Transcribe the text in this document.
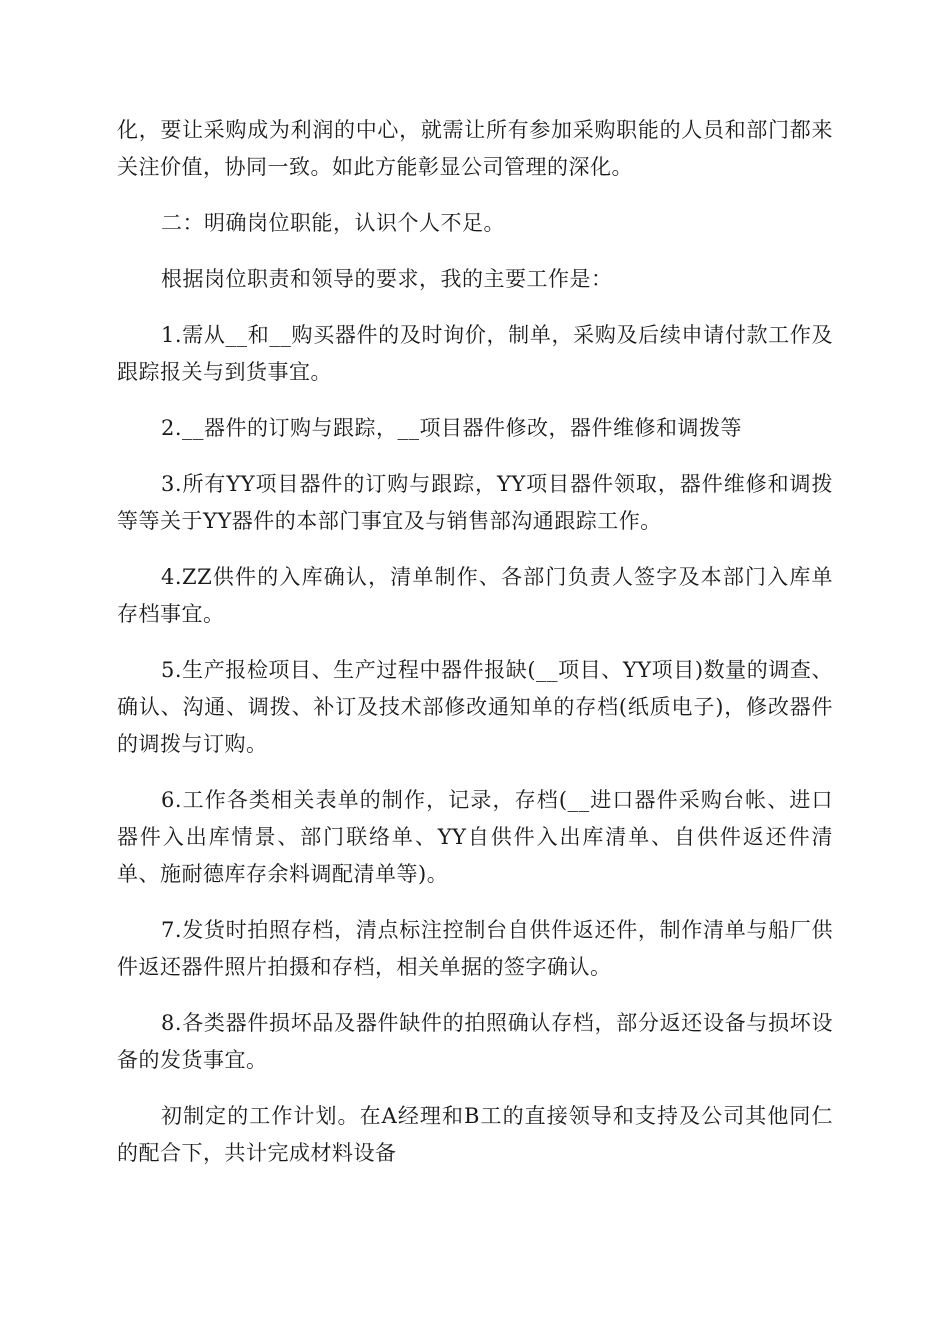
化，要让采购成为利润的中心，就需让所有参加采购职能的人员和部门都来关注价值，协同一致。如此方能彰显公司管理的深化。

二：明确岗位职能，认识个人不足。

根据岗位职责和领导的要求，我的主要工作是：

1.需从__和__购买器件的及时询价，制单，采购及后续申请付款工作及跟踪报关与到货事宜。

2.__器件的订购与跟踪，__项目器件修改，器件维修和调拨等

3.所有YY项目器件的订购与跟踪，YY项目器件领取，器件维修和调拨等等关于YY器件的本部门事宜及与销售部沟通跟踪工作。

4.ZZ供件的入库确认，清单制作、各部门负责人签字及本部门入库单存档事宜。

5.生产报检项目、生产过程中器件报缺(__项目、YY项目)数量的调查、确认、沟通、调拨、补订及技术部修改通知单的存档(纸质电子)，修改器件的调拨与订购。

6.工作各类相关表单的制作，记录，存档(__进口器件采购台帐、进口器件入出库情景、部门联络单、YY自供件入出库清单、自供件返还件清单、施耐德库存余料调配清单等)。

7.发货时拍照存档，清点标注控制台自供件返还件，制作清单与船厂供件返还器件照片拍摄和存档，相关单据的签字确认。

8.各类器件损坏品及器件缺件的拍照确认存档，部分返还设备与损坏设备的发货事宜。

初制定的工作计划。在A经理和B工的直接领导和支持及公司其他同仁的配合下，共计完成材料设备
